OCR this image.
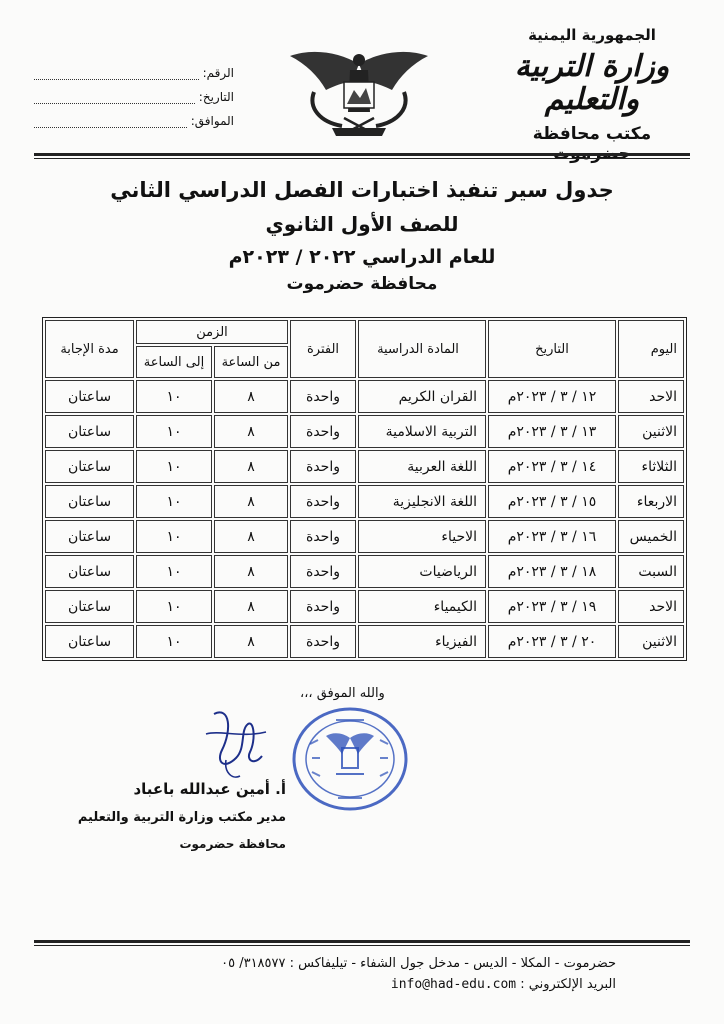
الجمهورية اليمنية
وزارة التربية والتعليم
مكتب محافظة حضرموت
الرقم:
التاريخ:
الموافق:
جدول سير تنفيذ اختبارات الفصل الدراسي الثاني
للصف الأول الثانوي
للعام الدراسي ٢٠٢٢ / ٢٠٢٣م
محافظة حضرموت
اليوم	التاريخ	المادة الدراسية	الفترة	الزمن		مدة الإجابة
				من الساعة	إلى الساعة	
الاحد	١٢ / ٣ / ٢٠٢٣م	القران الكريم	واحدة	٨	١٠	ساعتان
الاثنين	١٣ / ٣ / ٢٠٢٣م	التربية الاسلامية	واحدة	٨	١٠	ساعتان
الثلاثاء	١٤ / ٣ / ٢٠٢٣م	اللغة العربية	واحدة	٨	١٠	ساعتان
الاربعاء	١٥ / ٣ / ٢٠٢٣م	اللغة الانجليزية	واحدة	٨	١٠	ساعتان
الخميس	١٦ / ٣ / ٢٠٢٣م	الاحياء	واحدة	٨	١٠	ساعتان
السبت	١٨ / ٣ / ٢٠٢٣م	الرياضيات	واحدة	٨	١٠	ساعتان
الاحد	١٩ / ٣ / ٢٠٢٣م	الكيمياء	واحدة	٨	١٠	ساعتان
الاثنين	٢٠ / ٣ / ٢٠٢٣م	الفيزياء	واحدة	٨	١٠	ساعتان
والله الموفق ،،،
أ. أمين عبدالله باعباد
مدير مكتب وزارة التربية والتعليم
محافظة حضرموت
حضرموت - المكلا - الديس - مدخل جول الشفاء - تيليفاكس : ٣١٨٥٧٧/ ٠٥
البريد الإلكتروني : info@had-edu.com
